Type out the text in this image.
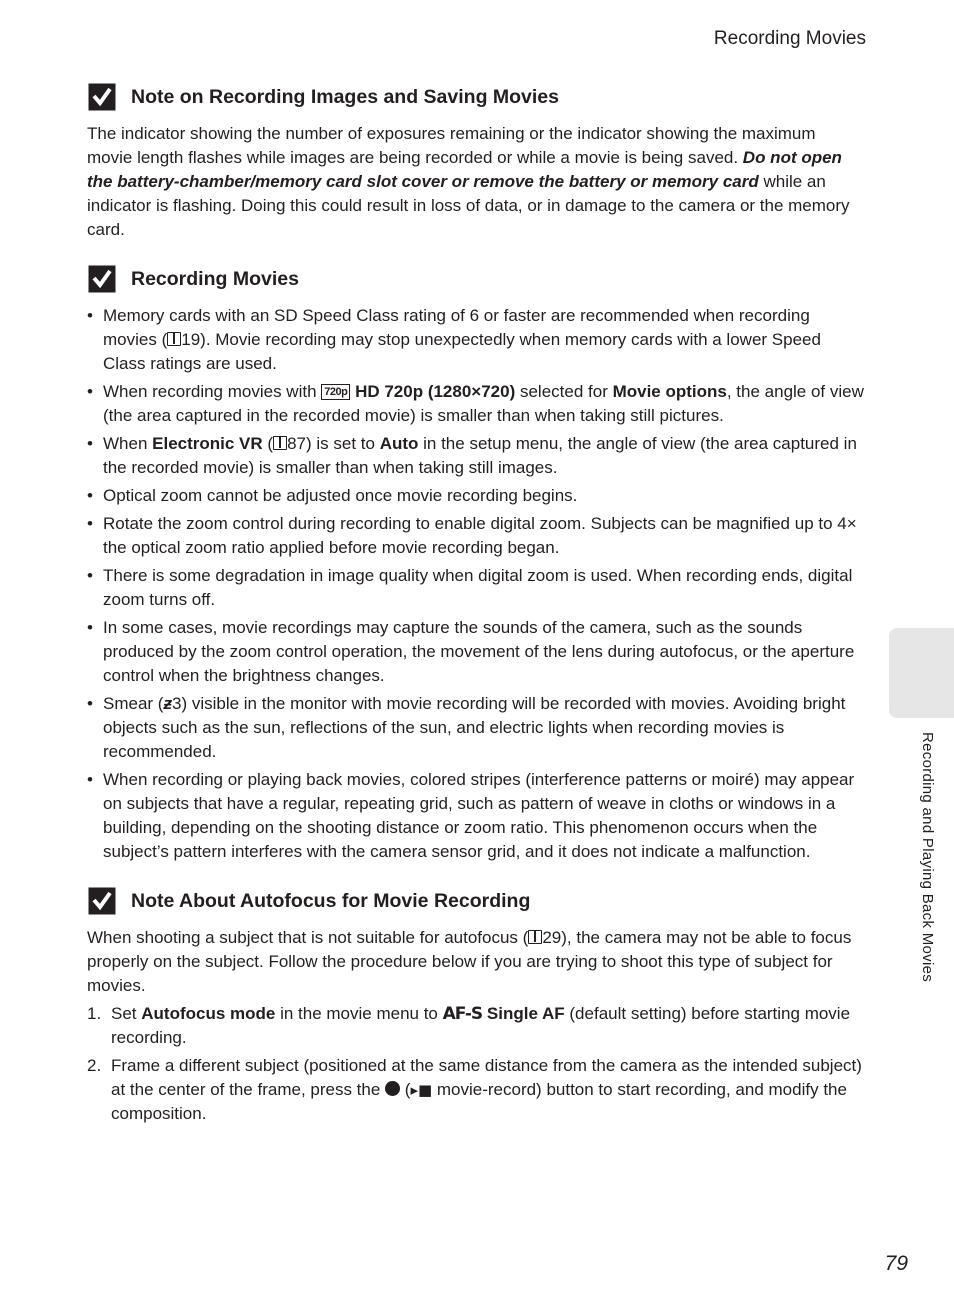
Recording Movies
Note on Recording Images and Saving Movies

The indicator showing the number of exposures remaining or the indicator showing the maximum movie length flashes while images are being recorded or while a movie is being saved. Do not open the battery-chamber/memory card slot cover or remove the battery or memory card while an indicator is flashing. Doing this could result in loss of data, or in damage to the camera or the memory card.

Recording Movies
• Memory cards with an SD Speed Class rating of 6 or faster are recommended when recording movies ( 19). Movie recording may stop unexpectedly when memory cards with a lower Speed Class ratings are used.
• When recording movies with 720p HD 720p (1280×720) selected for Movie options, the angle of view (the area captured in the recorded movie) is smaller than when taking still pictures.
• When Electronic VR ( 87) is set to Auto in the setup menu, the angle of view (the area captured in the recorded movie) is smaller than when taking still images.
• Optical zoom cannot be adjusted once movie recording begins.
• Rotate the zoom control during recording to enable digital zoom. Subjects can be magnified up to 4× the optical zoom ratio applied before movie recording began.
• There is some degradation in image quality when digital zoom is used. When recording ends, digital zoom turns off.
• In some cases, movie recordings may capture the sounds of the camera, such as the sounds produced by the zoom control operation, the movement of the lens during autofocus, or the aperture control when the brightness changes.
• Smear (ƶ3) visible in the monitor with movie recording will be recorded with movies. Avoiding bright objects such as the sun, reflections of the sun, and electric lights when recording movies is recommended.
• When recording or playing back movies, colored stripes (interference patterns or moiré) may appear on subjects that have a regular, repeating grid, such as pattern of weave in cloths or windows in a building, depending on the shooting distance or zoom ratio. This phenomenon occurs when the subject’s pattern interferes with the camera sensor grid, and it does not indicate a malfunction.
Note About Autofocus for Movie Recording

When shooting a subject that is not suitable for autofocus ( 29), the camera may not be able to focus properly on the subject. Follow the procedure below if you are trying to shoot this type of subject for movies.

1. Set Autofocus mode in the movie menu to AF-S Single AF (default setting) before starting movie recording.
2. Frame a different subject (positioned at the same distance from the camera as the intended subject) at the center of the frame, press the  (▸■ movie-record) button to start recording, and modify the composition.
Recording and Playing Back Movies
79
